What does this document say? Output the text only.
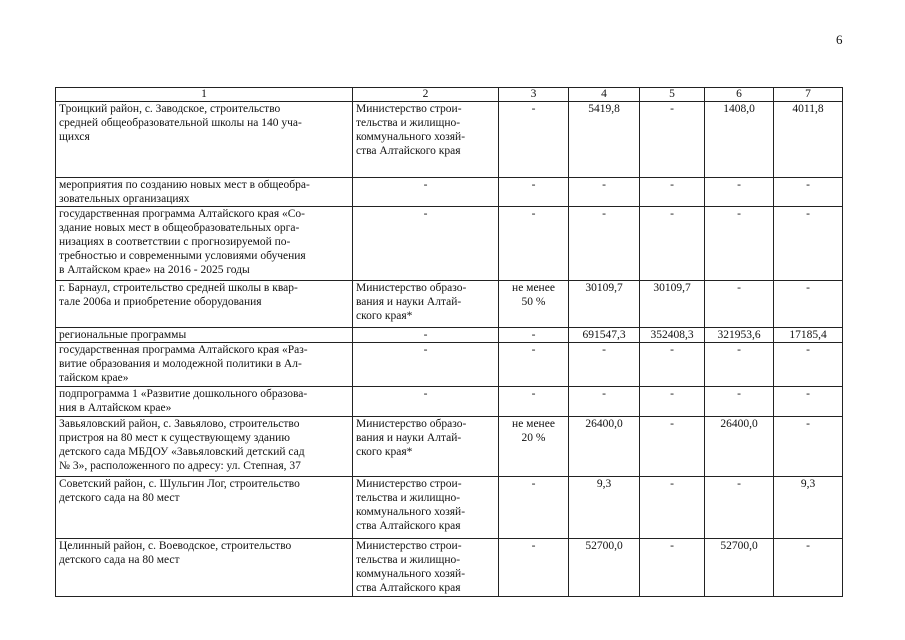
6
1	2	3	4	5	6	7
Троицкий район, с. Заводское, строительство
средней общеобразовательной школы на 140 уча-
щихся	Министерство строи-
тельства и жилищно-
коммунального хозяй-
ства Алтайского края	-	5419,8	-	1408,0	4011,8
мероприятия по созданию новых мест в общеобра-
зовательных организациях	-	-	-	-	-	-
государственная программа Алтайского края «Со-
здание новых мест в общеобразовательных орга-
низациях в соответствии с прогнозируемой по-
требностью и современными условиями обучения
в Алтайском крае» на 2016 - 2025 годы	-	-	-	-	-	-
г. Барнаул, строительство средней школы в квар-
тале 2006а и приобретение оборудования	Министерство образо-
вания и науки Алтай-
ского края*	не менее
50 %	30109,7	30109,7	-	-
региональные программы	-	-	691547,3	352408,3	321953,6	17185,4
государственная программа Алтайского края «Раз-
витие образования и молодежной политики в Ал-
тайском крае»	-	-	-	-	-	-
подпрограмма 1 «Развитие дошкольного образова-
ния в Алтайском крае»	-	-	-	-	-	-
Завьяловский район, с. Завьялово, строительство
пристроя на 80 мест к существующему зданию
детского сада МБДОУ «Завьяловский детский сад
№ 3», расположенного по адресу: ул. Степная, 37	Министерство образо-
вания и науки Алтай-
ского края*	не менее
20 %	26400,0	-	26400,0	-
Советский район, с. Шульгин Лог, строительство
детского сада на 80 мест	Министерство строи-
тельства и жилищно-
коммунального хозяй-
ства Алтайского края	-	9,3	-	-	9,3
Целинный район, с. Воеводское, строительство
детского сада на 80 мест	Министерство строи-
тельства и жилищно-
коммунального хозяй-
ства Алтайского края	-	52700,0	-	52700,0	-
